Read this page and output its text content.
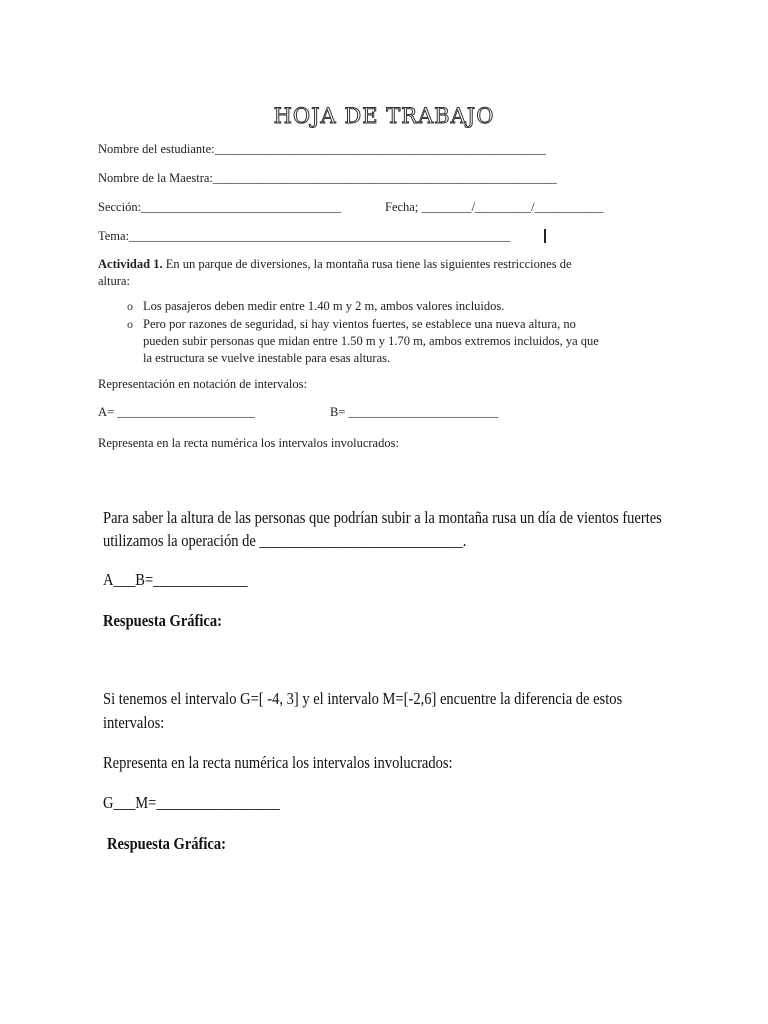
HOJA DE TRABAJO
Nombre del estudiante:_____________________________________________________
Nombre de la Maestra:_______________________________________________________
Sección:________________________________	Fecha; ________/_________/___________
Tema:_____________________________________________________________
Actividad 1. En un parque de diversiones, la montaña rusa tiene las siguientes restricciones de
altura:
o Los pasajeros deben medir entre 1.40 m y 2 m, ambos valores incluidos.
o Pero por razones de seguridad, si hay vientos fuertes, se establece una nueva altura, no
pueden subir personas que midan entre 1.50 m y 1.70 m, ambos extremos incluidos, ya que
la estructura se vuelve inestable para esas alturas.
Representación en notación de intervalos:
A= ______________________	B= ________________________
Representa en la recta numérica los intervalos involucrados:
Para saber la altura de las personas que podrían subir a la montaña rusa un día de vientos fuertes
utilizamos la operación de ____________________________.
A___B=_____________
Respuesta Gráfica:
Si tenemos el intervalo G=[ -4, 3] y el intervalo M=[-2,6] encuentre la diferencia de estos
intervalos:
Representa en la recta numérica los intervalos involucrados:
G___M=_________________
Respuesta Gráfica:
